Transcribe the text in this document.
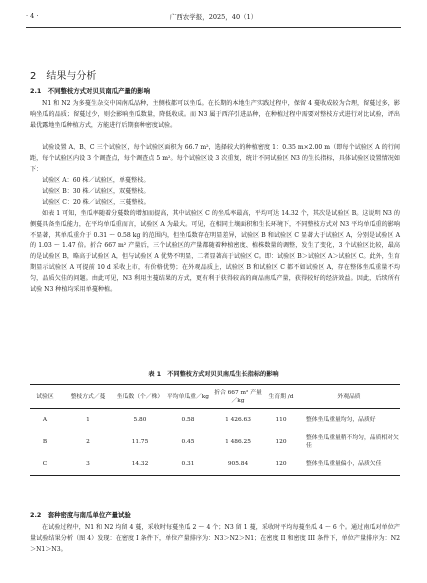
· 4 ·	广西农学报，2025，40（1）
2　结果与分析
2.1　不同整枝方式对贝贝南瓜产量的影响

N1 和 N2 为多蔓生杂交中国南瓜品种，主侧枝都可以坐瓜。在长期的本地生产实践过程中，保留 4 蔓收成较为合理，留蔓过多，影响坐瓜的品质；留蔓过少，则会影响坐瓜数量，降低收成。而 N3 属于西洋引进品种，在种植过程中需要对整枝方式进行对比试验，评出最优露地坐瓜种植方式，方能进行后期套种密度试验。

试验设置 A、B、C 三个试验区，每个试验区面积为 66.7 m²，选择较大的种植密度 1：0.35 m×2.00 m（即每个试验区 A 的行间距，每个试验区内设 3 个调查点，每个调查点 5 m²。每个试验区设 3 次重复，统计不同试验区 N3 的生长指标，具体试验区设置情况如下：

试验区 A：60 株／试验区，单蔓整枝。
试验区 B：30 株／试验区，双蔓整枝。
试验区 C：20 株／试验区，三蔓整枝。

如表 1 可知，坐瓜率随着分蔓数的增加而提高，其中试验区 C 的坐瓜率最高，平均可达 14.32 个，其次是试验区 B。这说明 N3 的侧蔓具备坐瓜能力，在平均单瓜重而言，试验区 A 为最大。可见，在相同土壤面积和生长环境下，不同整枝方式对 N3 平均单瓜重的影响不显著，其单瓜重介于 0.31 ～ 0.58 kg 的范围内，但坐瓜数存在明显差异，试验区 B 和试验区 C 显著大于试验区 A，分别是试验区 A 的 1.03 ～ 1.47 倍。折合 667 m² 产量后，三个试验区的产量都随着种植密度、植株数量的调整，发生了变化，3 个试验区比较，最高的是试验区 B，略高于试验区 A，但与试验区 A 优势不明显，二者显著高于试验区 C。即：试验区 B＞试验区 A＞试验区 C。此外，生育期显示试验区 A 可提前 10 d 采收上市，有价格优势；在外观品质上，试验区 B 和试验区 C 都不如试验区 A，存在整体坐瓜重量不均匀，品质欠佳的问题。由此可见，N3 利用主蔓结果的方式，更有利于获得较高的商品南瓜产量，获得较好的经济效益。因此，后续所有试验 N3 种植均采用单蔓种植。

表 1　不同整枝方式对贝贝南瓜生长指标的影响
试验区	整枝方式／蔓	坐瓜数（个／株）	平均单瓜重／kg	折合 667 m² 产量／kg	生育期 /d	外观品质
A	1	5.80	0.58	1 426.63	110	整体坐瓜重量均匀，品质好
B	2	11.75	0.45	1 486.25	120	整体坐瓜重量稍不均匀，品质相对欠佳
C	3	14.32	0.31	905.84	120	整体坐瓜重量偏小，品质欠佳
2.2　套种密度与南瓜单位产量试验

在试验过程中，N1 和 N2 均留 4 蔓，采收时每蔓坐瓜 2 ～ 4 个；N3 留 1 蔓，采收时平均每蔓坐瓜 4 ～ 6 个。通过南瓜对单位产量试验结果分析（图 4）发现：在密度 I 条件下，单位产量排序为：N3＞N2＞N1；在密度 II 和密度 III 条件下，单位产量排序为：N2＞N1＞N3。
